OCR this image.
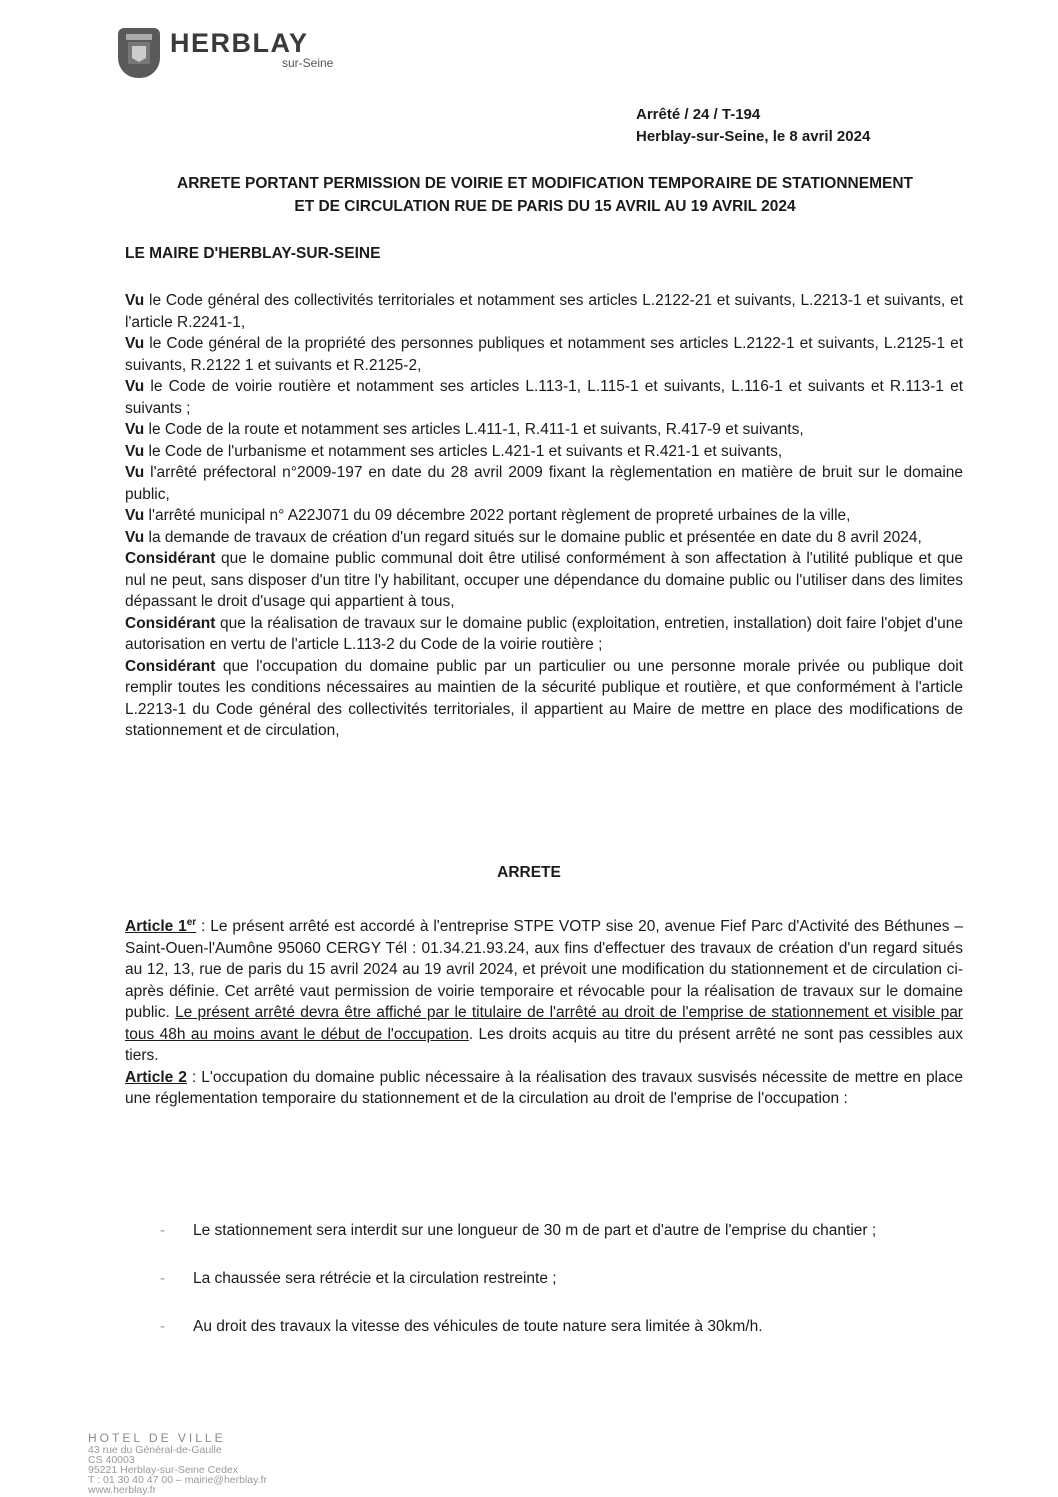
HERBLAY
sur-Seine
Arrêté / 24 / T-194
Herblay-sur-Seine, le 8 avril 2024
ARRETE PORTANT PERMISSION DE VOIRIE ET MODIFICATION TEMPORAIRE DE STATIONNEMENT
ET DE CIRCULATION RUE DE PARIS DU 15 AVRIL AU 19 AVRIL 2024
LE MAIRE D'HERBLAY-SUR-SEINE

Vu le Code général des collectivités territoriales et notamment ses articles L.2122-21 et suivants, L.2213-1 et suivants, et l'article R.2241-1,

Vu le Code général de la propriété des personnes publiques et notamment ses articles L.2122-1 et suivants, L.2125-1 et suivants, R.2122 1 et suivants et R.2125-2,

Vu le Code de voirie routière et notamment ses articles L.113-1, L.115-1 et suivants, L.116-1 et suivants et R.113-1 et suivants ;

Vu le Code de la route et notamment ses articles L.411-1, R.411-1 et suivants, R.417-9 et suivants,

Vu le Code de l'urbanisme et notamment ses articles L.421-1 et suivants et R.421-1 et suivants,

Vu l'arrêté préfectoral n°2009-197 en date du 28 avril 2009 fixant la règlementation en matière de bruit sur le domaine public,

Vu l'arrêté municipal n° A22J071 du 09 décembre 2022 portant règlement de propreté urbaines de la ville,

Vu la demande de travaux de création d'un regard situés sur le domaine public et présentée en date du 8 avril 2024,

Considérant que le domaine public communal doit être utilisé conformément à son affectation à l'utilité publique et que nul ne peut, sans disposer d'un titre l'y habilitant, occuper une dépendance du domaine public ou l'utiliser dans des limites dépassant le droit d'usage qui appartient à tous,

Considérant que la réalisation de travaux sur le domaine public (exploitation, entretien, installation) doit faire l'objet d'une autorisation en vertu de l'article L.113-2 du Code de la voirie routière ;

Considérant que l'occupation du domaine public par un particulier ou une personne morale privée ou publique doit remplir toutes les conditions nécessaires au maintien de la sécurité publique et routière, et que conformément à l'article L.2213-1 du Code général des collectivités territoriales, il appartient au Maire de mettre en place des modifications de stationnement et de circulation,

ARRETE

Article 1er : Le présent arrêté est accordé à l'entreprise STPE VOTP sise 20, avenue Fief Parc d'Activité des Béthunes – Saint-Ouen-l'Aumône 95060 CERGY Tél : 01.34.21.93.24, aux fins d'effectuer des travaux de création d'un regard situés au 12, 13, rue de paris du 15 avril 2024 au 19 avril 2024, et prévoit une modification du stationnement et de circulation ci-après définie. Cet arrêté vaut permission de voirie temporaire et révocable pour la réalisation de travaux sur le domaine public. Le présent arrêté devra être affiché par le titulaire de l'arrêté au droit de l'emprise de stationnement et visible par tous 48h au moins avant le début de l'occupation. Les droits acquis au titre du présent arrêté ne sont pas cessibles aux tiers.

Article 2 : L'occupation du domaine public nécessaire à la réalisation des travaux susvisés nécessite de mettre en place une réglementation temporaire du stationnement et de la circulation au droit de l'emprise de l'occupation :

-	Le stationnement sera interdit sur une longueur de 30 m de part et d'autre de l'emprise du chantier ;
-	La chaussée sera rétrécie et la circulation restreinte ;
-	Au droit des travaux la vitesse des véhicules de toute nature sera limitée à 30km/h.
HOTEL DE VILLE
43 rue du Général-de-Gaulle
CS 40003
95221 Herblay-sur-Seine Cedex
T : 01 30 40 47 00 – mairie@herblay.fr
www.herblay.fr
